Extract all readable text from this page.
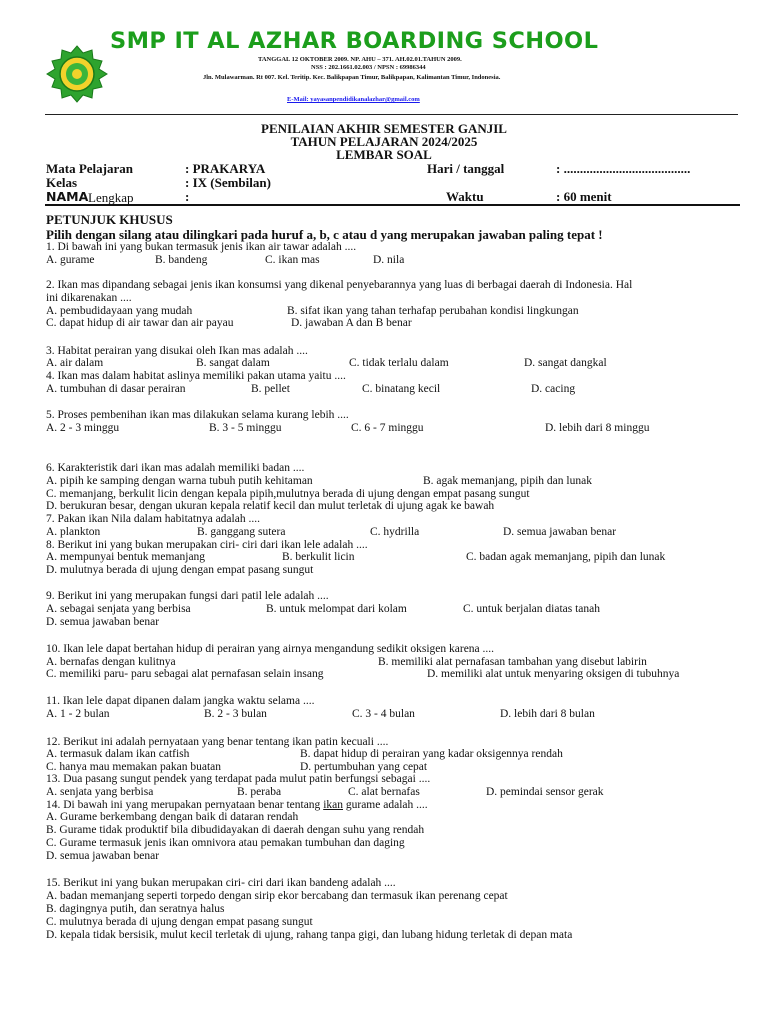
SMP IT AL AZHAR BOARDING SCHOOL
TANGGAL 12 OKTOBER 2009. NP. AHU – 371. AH.02.01.TAHUN 2009.
NSS : 202.1661.02.003 / NPSN : 69986344
Jln. Mulawarman. Rt 007. Kel. Teritip. Kec. Balikpapan Timur, Balikpapan, Kalimantan Timur, Indonesia.
E-Mail: yayasanpendidikanalazhar@gmail.com
PENILAIAN AKHIR SEMESTER GANJIL
TAHUN PELAJARAN 2024/2025
LEMBAR SOAL
Mata Pelajaran	: PRAKARYA	Hari / tanggal	: .......................................
Kelas	: IX (Sembilan)
NAMA Lengkap	:	Waktu	: 60 menit
PETUNJUK KHUSUS
Pilih dengan silang atau dilingkari pada huruf a, b, c atau d yang merupakan jawaban paling tepat !
1. Di bawah ini yang bukan termasuk jenis ikan air tawar adalah ....
A. gurame	B. bandeng	C. ikan mas	D. nila
2. Ikan mas dipandang sebagai jenis ikan konsumsi yang dikenal penyebarannya yang luas di berbagai daerah di Indonesia. Hal
ini dikarenakan ....
A. pembudidayaan yang mudah	B. sifat ikan yang tahan terhafap perubahan kondisi lingkungan
C. dapat hidup di air tawar dan air payau	D. jawaban A dan B benar
3. Habitat perairan yang disukai oleh Ikan mas adalah ....
A. air dalam	B. sangat dalam	C. tidak terlalu dalam	D. sangat dangkal
4. Ikan mas dalam habitat aslinya memiliki pakan utama yaitu ....
A. tumbuhan di dasar perairan	B. pellet	C. binatang kecil	D. cacing
5. Proses pembenihan ikan mas dilakukan selama kurang lebih ....
A. 2 - 3 minggu	B. 3 - 5 minggu	C. 6 - 7 minggu	D. lebih dari 8 minggu
6. Karakteristik dari ikan mas adalah memiliki badan ....
A. pipih ke samping dengan warna tubuh putih kehitaman	B. agak memanjang, pipih dan lunak
C. memanjang, berkulit licin dengan kepala pipih,mulutnya berada di ujung dengan empat pasang sungut
D. berukuran besar, dengan ukuran kepala relatif kecil dan mulut terletak di ujung agak ke bawah
7. Pakan ikan Nila dalam habitatnya adalah ....
A. plankton	B. ganggang sutera	C. hydrilla	D. semua jawaban benar
8. Berikut ini yang bukan merupakan ciri- ciri dari ikan lele adalah ....
A. mempunyai bentuk memanjang	B. berkulit licin	C. badan agak memanjang, pipih dan lunak
D. mulutnya berada di ujung dengan empat pasang sungut
9. Berikut ini yang merupakan fungsi dari patil lele adalah ....
A. sebagai senjata yang berbisa	B. untuk melompat dari kolam	C. untuk berjalan diatas tanah
D. semua jawaban benar
10. Ikan lele dapat bertahan hidup di perairan yang airnya mengandung sedikit oksigen karena ....
A. bernafas dengan kulitnya	B. memiliki alat pernafasan tambahan yang disebut labirin
C. memiliki paru- paru sebagai alat pernafasan selain insang	D. memiliki alat untuk menyaring oksigen di tubuhnya
11. Ikan lele dapat dipanen dalam jangka waktu selama ....
A. 1 - 2 bulan	B. 2 - 3 bulan	C. 3 - 4 bulan	D. lebih dari 8 bulan
12. Berikut ini adalah pernyataan yang benar tentang ikan patin kecuali ....
A. termasuk dalam ikan catfish	B. dapat hidup di perairan yang kadar oksigennya rendah
C. hanya mau memakan pakan buatan	D. pertumbuhan yang cepat
13. Dua pasang sungut pendek yang terdapat pada mulut patin berfungsi sebagai ....
A. senjata yang berbisa	B. peraba	C. alat bernafas	D. pemindai sensor gerak
14. Di bawah ini yang merupakan pernyataan benar tentang ikan gurame adalah ....
A. Gurame berkembang dengan baik di dataran rendah
B. Gurame tidak produktif bila dibudidayakan di daerah dengan suhu yang rendah
C. Gurame termasuk jenis ikan omnivora atau pemakan tumbuhan dan daging
D. semua jawaban benar
15. Berikut ini yang bukan merupakan ciri- ciri dari ikan bandeng adalah ....
A. badan memanjang seperti torpedo dengan sirip ekor bercabang dan termasuk ikan perenang cepat
B. dagingnya putih, dan seratnya halus
C. mulutnya berada di ujung dengan empat pasang sungut
D. kepala tidak bersisik, mulut kecil terletak di ujung, rahang tanpa gigi, dan lubang hidung terletak di depan mata
